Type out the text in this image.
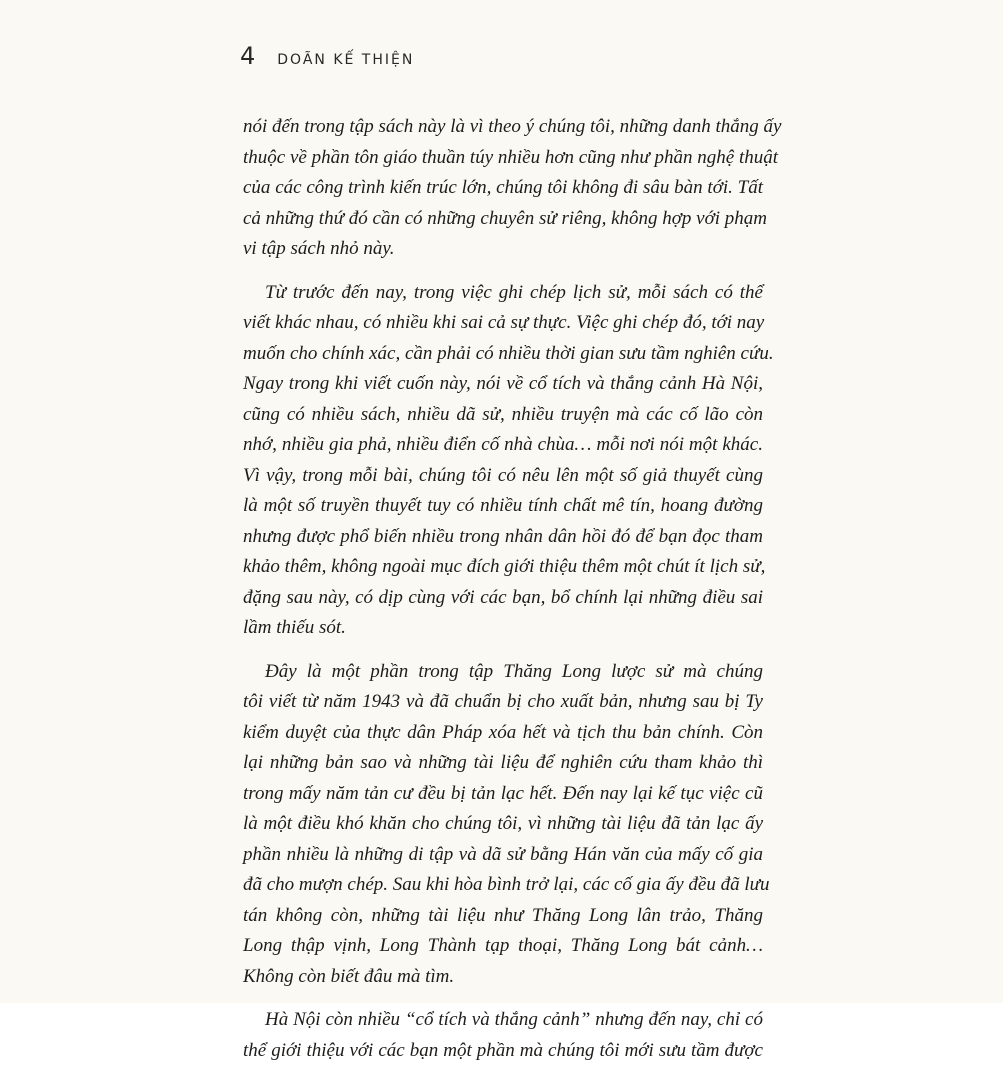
4 DOÃN KẾ THIỆN
nói đến trong tập sách này là vì theo ý chúng tôi, những danh thắng ấy
thuộc về phần tôn giáo thuần túy nhiều hơn cũng như phần nghệ thuật
của các công trình kiến trúc lớn, chúng tôi không đi sâu bàn tới. Tất
cả những thứ đó cần có những chuyên sử riêng, không hợp với phạm
vi tập sách nhỏ này.
Từ trước đến nay, trong việc ghi chép lịch sử, mỗi sách có thể
viết khác nhau, có nhiều khi sai cả sự thực. Việc ghi chép đó, tới nay
muốn cho chính xác, cần phải có nhiều thời gian sưu tầm nghiên cứu.
Ngay trong khi viết cuốn này, nói về cổ tích và thắng cảnh Hà Nội,
cũng có nhiều sách, nhiều dã sử, nhiều truyện mà các cố lão còn
nhớ, nhiều gia phả, nhiều điển cố nhà chùa… mỗi nơi nói một khác.
Vì vậy, trong mỗi bài, chúng tôi có nêu lên một số giả thuyết cùng
là một số truyền thuyết tuy có nhiều tính chất mê tín, hoang đường
nhưng được phổ biến nhiều trong nhân dân hồi đó để bạn đọc tham
khảo thêm, không ngoài mục đích giới thiệu thêm một chút ít lịch sử,
đặng sau này, có dịp cùng với các bạn, bổ chính lại những điều sai
lầm thiếu sót.
Đây là một phần trong tập Thăng Long lược sử mà chúng
tôi viết từ năm 1943 và đã chuẩn bị cho xuất bản, nhưng sau bị Ty
kiểm duyệt của thực dân Pháp xóa hết và tịch thu bản chính. Còn
lại những bản sao và những tài liệu để nghiên cứu tham khảo thì
trong mấy năm tản cư đều bị tản lạc hết. Đến nay lại kế tục việc cũ
là một điều khó khăn cho chúng tôi, vì những tài liệu đã tản lạc ấy
phần nhiều là những di tập và dã sử bằng Hán văn của mấy cố gia
đã cho mượn chép. Sau khi hòa bình trở lại, các cố gia ấy đều đã lưu
tán không còn, những tài liệu như Thăng Long lân trảo, Thăng
Long thập vịnh, Long Thành tạp thoại, Thăng Long bát cảnh…
Không còn biết đâu mà tìm.
Hà Nội còn nhiều “cổ tích và thắng cảnh” nhưng đến nay, chỉ có
thể giới thiệu với các bạn một phần mà chúng tôi mới sưu tầm được
